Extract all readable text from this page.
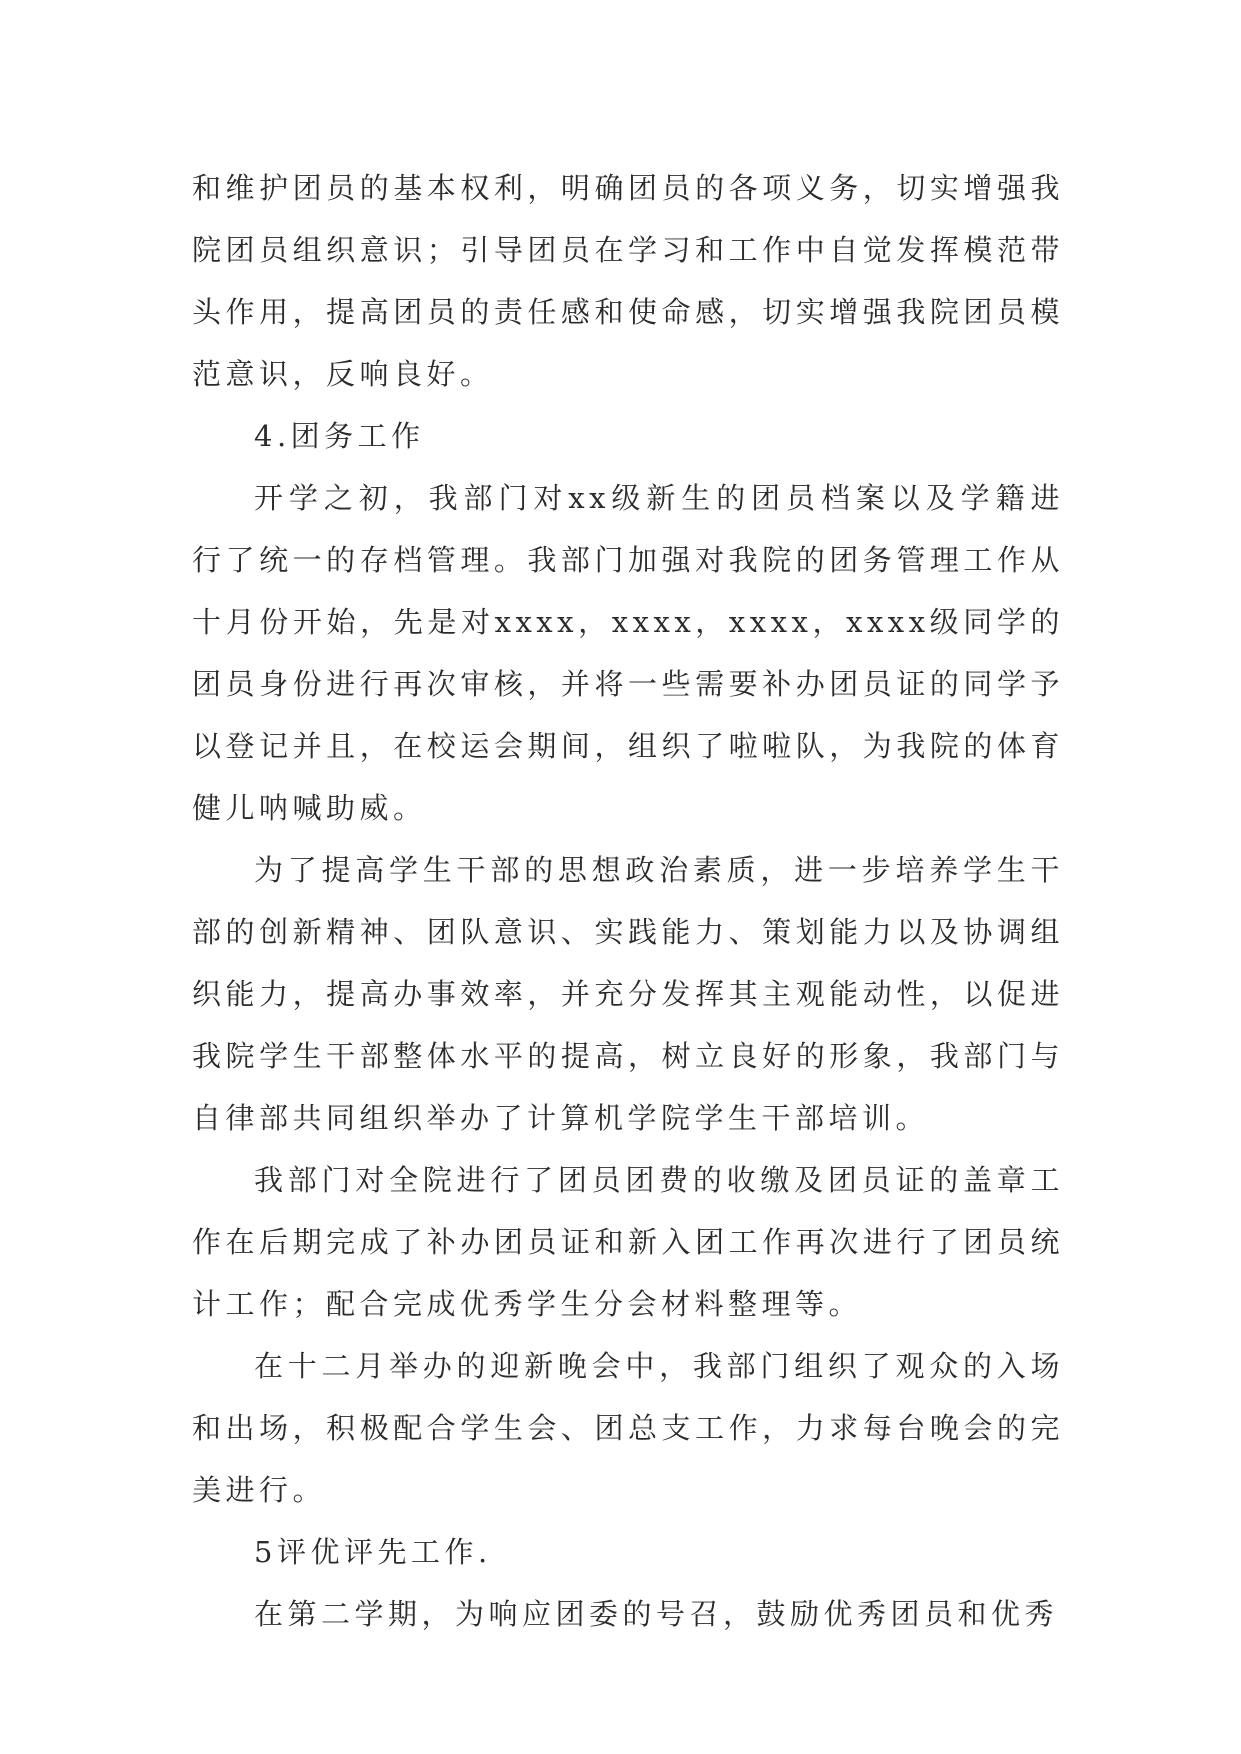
和维护团员的基本权利，明确团员的各项义务，切实增强我院团员组织意识；引导团员在学习和工作中自觉发挥模范带头作用，提高团员的责任感和使命感，切实增强我院团员模范意识，反响良好。

4.团务工作

开学之初，我部门对xx级新生的团员档案以及学籍进行了统一的存档管理。我部门加强对我院的团务管理工作从十月份开始，先是对xxxx，xxxx，xxxx，xxxx级同学的团员身份进行再次审核，并将一些需要补办团员证的同学予以登记并且，在校运会期间，组织了啦啦队，为我院的体育健儿呐喊助威。

为了提高学生干部的思想政治素质，进一步培养学生干部的创新精神、团队意识、实践能力、策划能力以及协调组织能力，提高办事效率，并充分发挥其主观能动性，以促进我院学生干部整体水平的提高，树立良好的形象，我部门与自律部共同组织举办了计算机学院学生干部培训。

我部门对全院进行了团员团费的收缴及团员证的盖章工作在后期完成了补办团员证和新入团工作再次进行了团员统计工作；配合完成优秀学生分会材料整理等。

在十二月举办的迎新晚会中，我部门组织了观众的入场和出场，积极配合学生会、团总支工作，力求每台晚会的完美进行。

5评优评先工作.

在第二学期，为响应团委的号召，鼓励优秀团员和优秀
